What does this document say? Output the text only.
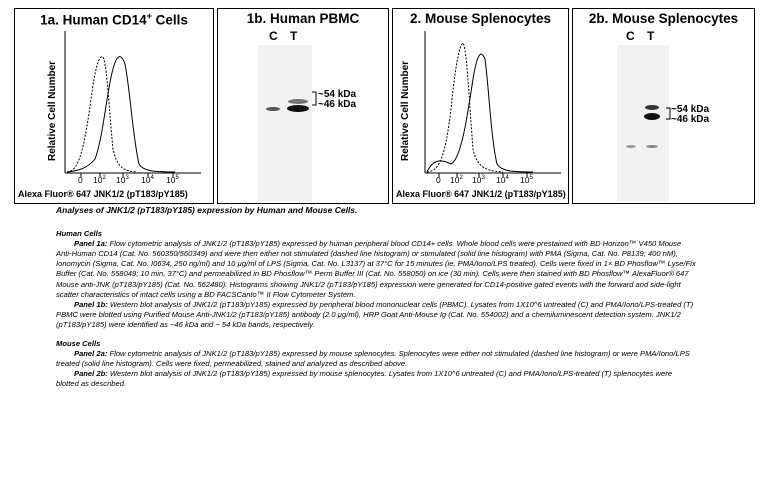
1a. Human CD14+ Cells
Relative Cell Number
0 $10^2$ $10^3$ $10^4$ $10^5$
Alexa Fluor® 647 JNK1/2 (pT183/pY185)
1b. Human PBMC
C T
~54 kDa
~46 kDa
2. Mouse Splenocytes
Relative Cell Number
0 $10^2$ $10^3$ $10^4$ $10^5$
Alexa Fluor® 647 JNK1/2 (pT183/pY185)
2b. Mouse Splenocytes
C T
~54 kDa
~46 kDa

Analyses of JNK1/2 (pT183/pY185) expression by Human and Mouse Cells.

Human Cells

Panel 1a: Flow cytometric analysis of JNK1/2 (pT183/pY185) expressed by human peripheral blood CD14+ cells. Whole blood cells were prestained with BD Horizon™ V450 Mouse Anti-Human CD14 (Cat. No. 560350/560349) and were then either not stimulated (dashed line histogram) or stimulated (solid line histogram) with PMA (Sigma, Cat. No. P8139; 400 nM), Ionomycin (Sigma, Cat. No. I0634, 250 ng/ml) and 10 µg/ml of LPS (Sigma, Cat. No. L3137) at 37°C for 15 minutes (ie, PMA/Iono/LPS treated). Cells were fixed in 1× BD Phosflow™ Lyse/Fix Buffer (Cat. No. 558049; 10 min, 37°C) and permeabilized in BD Phosflow™ Perm Buffer III (Cat. No. 558050) on ice (30 min). Cells were then stained with BD Phosflow™ AlexaFluor® 647 Mouse anti-JNK (pT183/pY185) (Cat. No. 562480). Histograms showing JNK1/2 (pT183/pY185) expression were generated for CD14-positive gated events with the forward and side-light scatter characteristics of intact cells using a BD FACSCanto™ II Flow Cytometer System.

Panel 1b: Western blot analysis of JNK1/2 (pT183/pY185) expressed by peripheral blood mononuclear cells (PBMC). Lysates from 1X10^6 untreated (C) and PMA/Iono/LPS-treated (T) PBMC were blotted using Purified Mouse Anti-JNK1/2 (pT183/pY185) antibody (2.0 µg/ml), HRP Goat Anti-Mouse Ig (Cat. No. 554002) and a chemiluminescent detection system. JNK1/2 (pT183/pY185) were identified as ~46 kDa and ~ 54 kDa bands, respectively.

Mouse Cells

Panel 2a: Flow cytometric analysis of JNK1/2 (pT183/pY185) expressed by mouse splenocytes. Splenocytes were either not stimulated (dashed line histogram) or were PMA/Iono/LPS treated (solid line histogram). Cells were fixed, permeabilized, stained and analyzed as described above.

Panel 2b: Western blot analysis of JNK1/2 (pT183/pY185) expressed by mouse splenocytes. Lysates from 1X10^6 untreated (C) and PMA/Iono/LPS-treated (T) splenocytes were blotted as described.
